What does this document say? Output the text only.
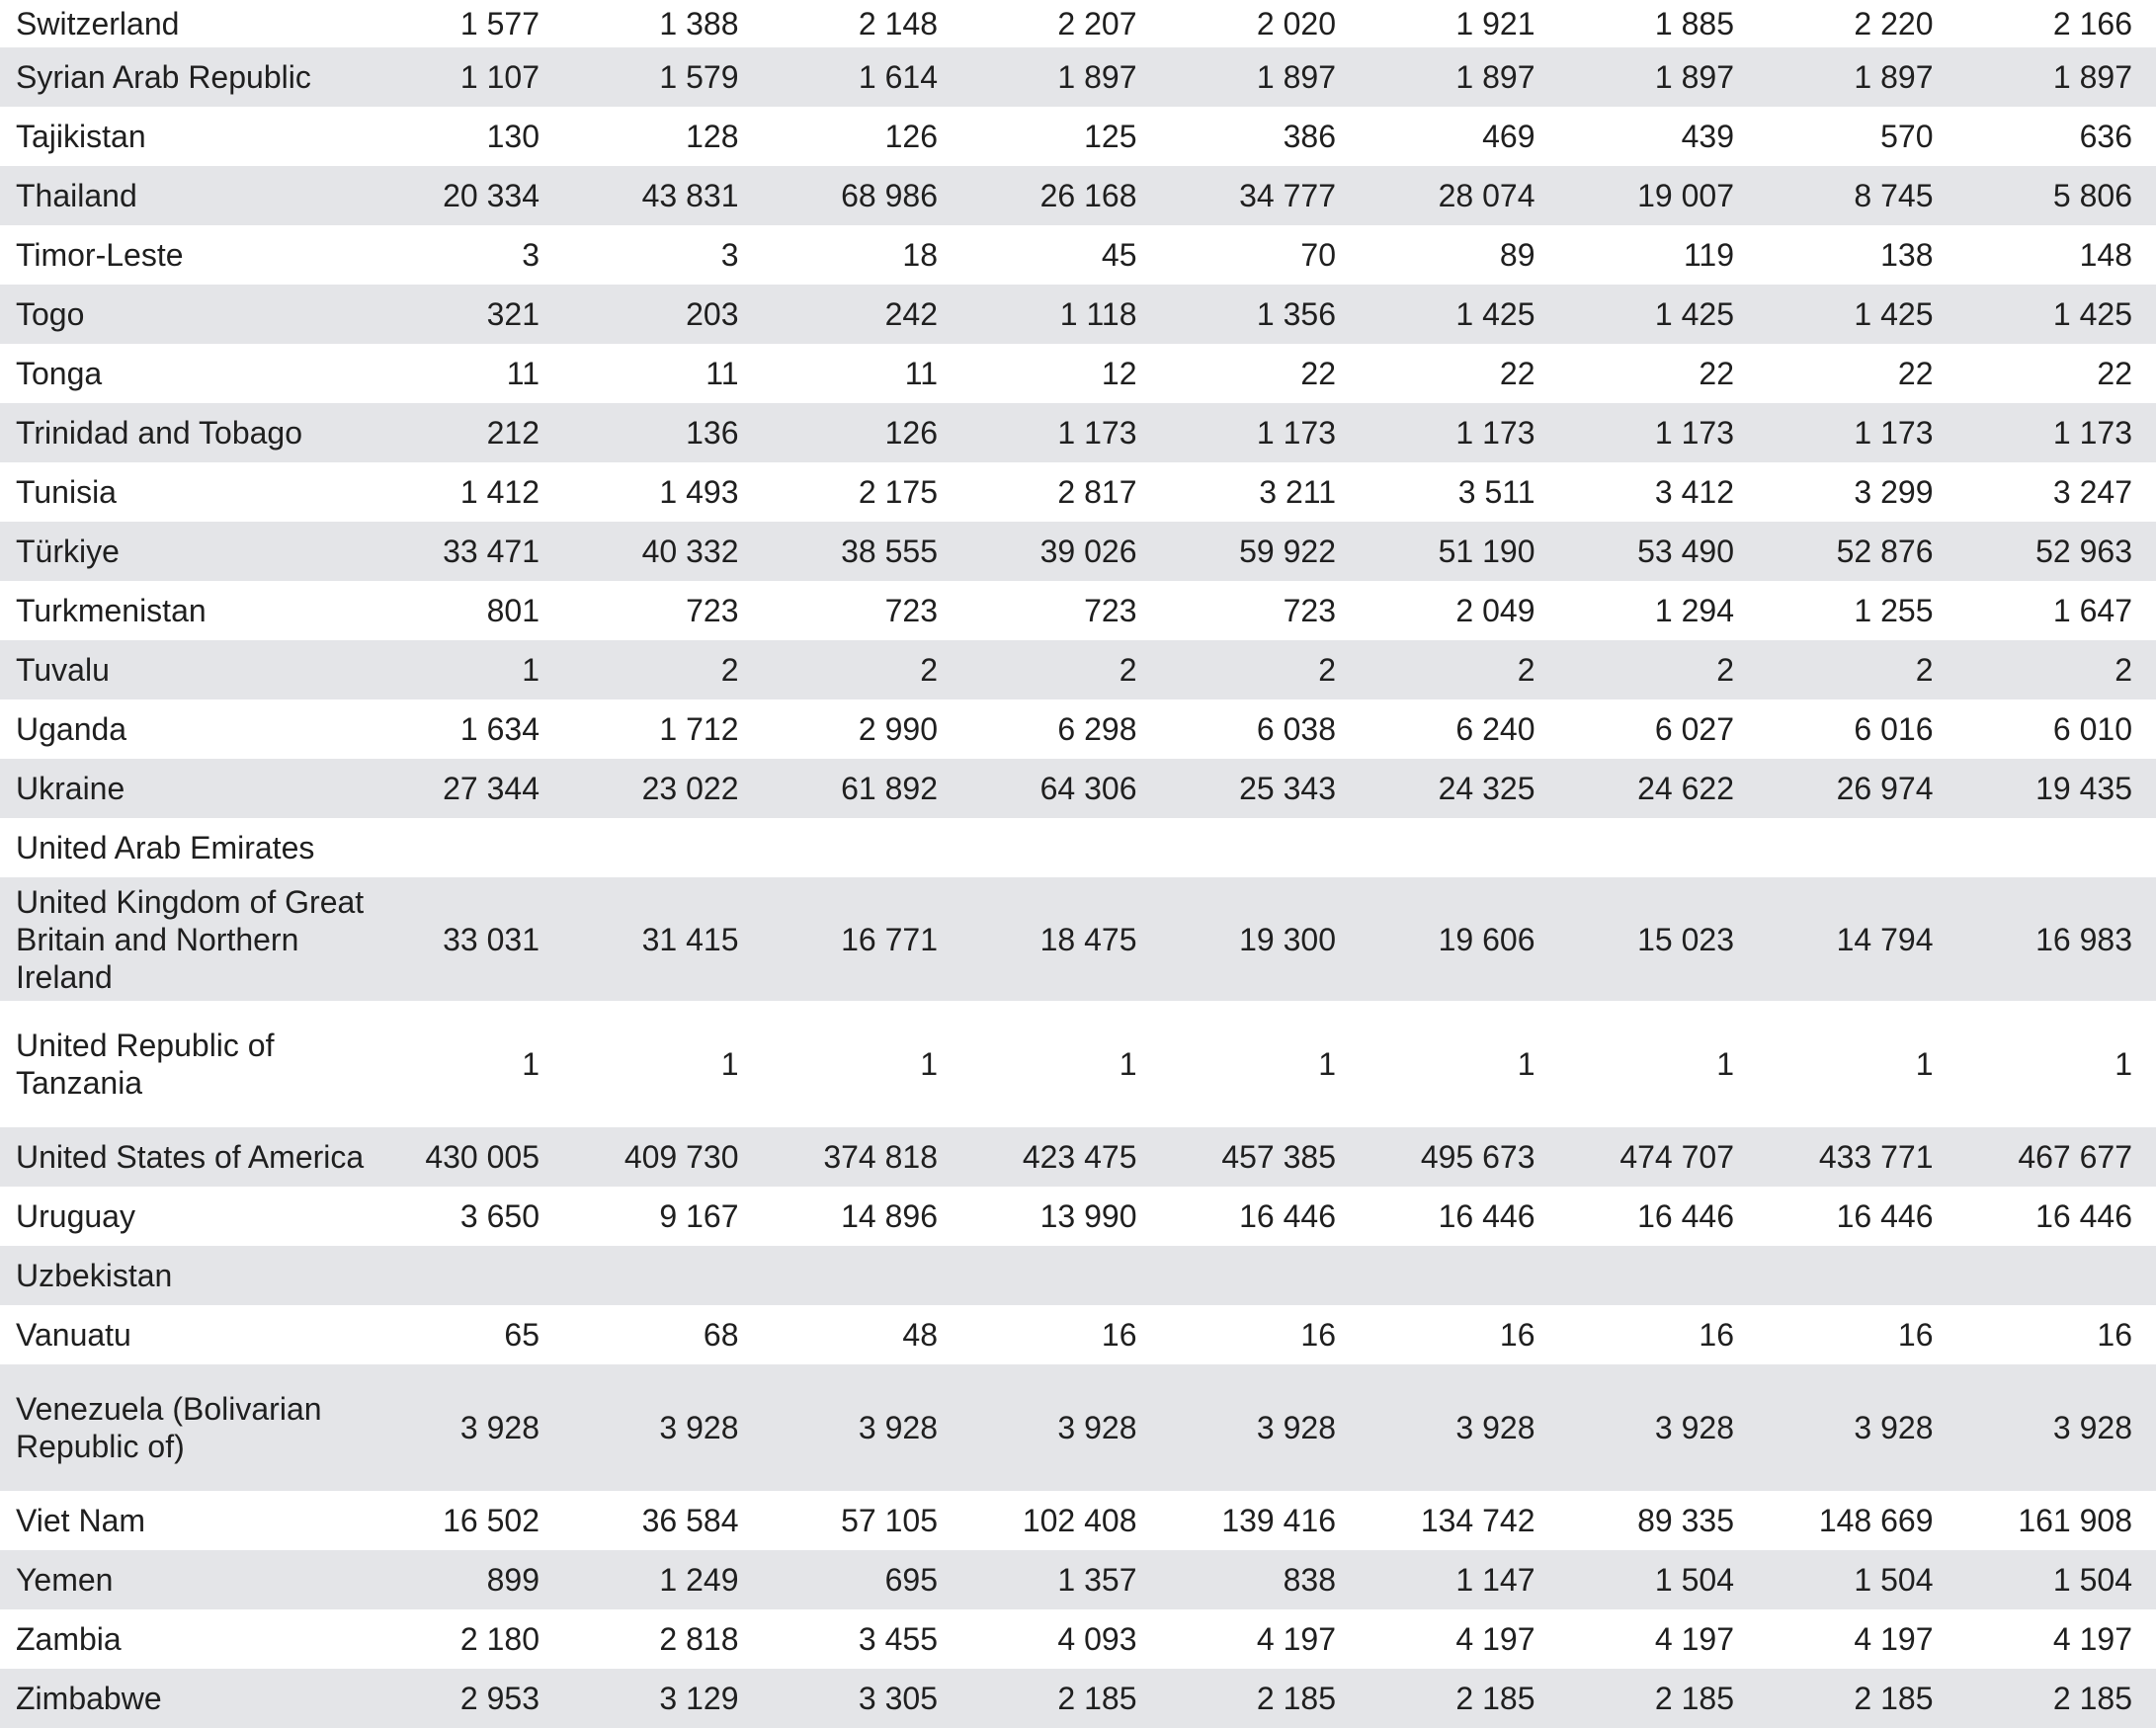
Switzerland	1 577	1 388	2 148	2 207	2 020	1 921	1 885	2 220	2 166
Syrian Arab Republic	1 107	1 579	1 614	1 897	1 897	1 897	1 897	1 897	1 897
Tajikistan	130	128	126	125	386	469	439	570	636
Thailand	20 334	43 831	68 986	26 168	34 777	28 074	19 007	8 745	5 806
Timor-Leste	3	3	18	45	70	89	119	138	148
Togo	321	203	242	1 118	1 356	1 425	1 425	1 425	1 425
Tonga	11	11	11	12	22	22	22	22	22
Trinidad and Tobago	212	136	126	1 173	1 173	1 173	1 173	1 173	1 173
Tunisia	1 412	1 493	2 175	2 817	3 211	3 511	3 412	3 299	3 247
Türkiye	33 471	40 332	38 555	39 026	59 922	51 190	53 490	52 876	52 963
Turkmenistan	801	723	723	723	723	2 049	1 294	1 255	1 647
Tuvalu	1	2	2	2	2	2	2	2	2
Uganda	1 634	1 712	2 990	6 298	6 038	6 240	6 027	6 016	6 010
Ukraine	27 344	23 022	61 892	64 306	25 343	24 325	24 622	26 974	19 435
United Arab Emirates
United Kingdom of Great
Britain and Northern
Ireland
33 031	31 415	16 771	18 475	19 300	19 606	15 023	14 794	16 983
United Republic of
Tanzania
1	1	1	1	1	1	1	1	1
United States of America	430 005	409 730	374 818	423 475	457 385	495 673	474 707	433 771	467 677
Uruguay	3 650	9 167	14 896	13 990	16 446	16 446	16 446	16 446	16 446
Uzbekistan
Vanuatu	65	68	48	16	16	16	16	16	16
Venezuela (Bolivarian
Republic of)
3 928	3 928	3 928	3 928	3 928	3 928	3 928	3 928	3 928
Viet Nam	16 502	36 584	57 105	102 408	139 416	134 742	89 335	148 669	161 908
Yemen	899	1 249	695	1 357	838	1 147	1 504	1 504	1 504
Zambia	2 180	2 818	3 455	4 093	4 197	4 197	4 197	4 197	4 197
Zimbabwe	2 953	3 129	3 305	2 185	2 185	2 185	2 185	2 185	2 185
